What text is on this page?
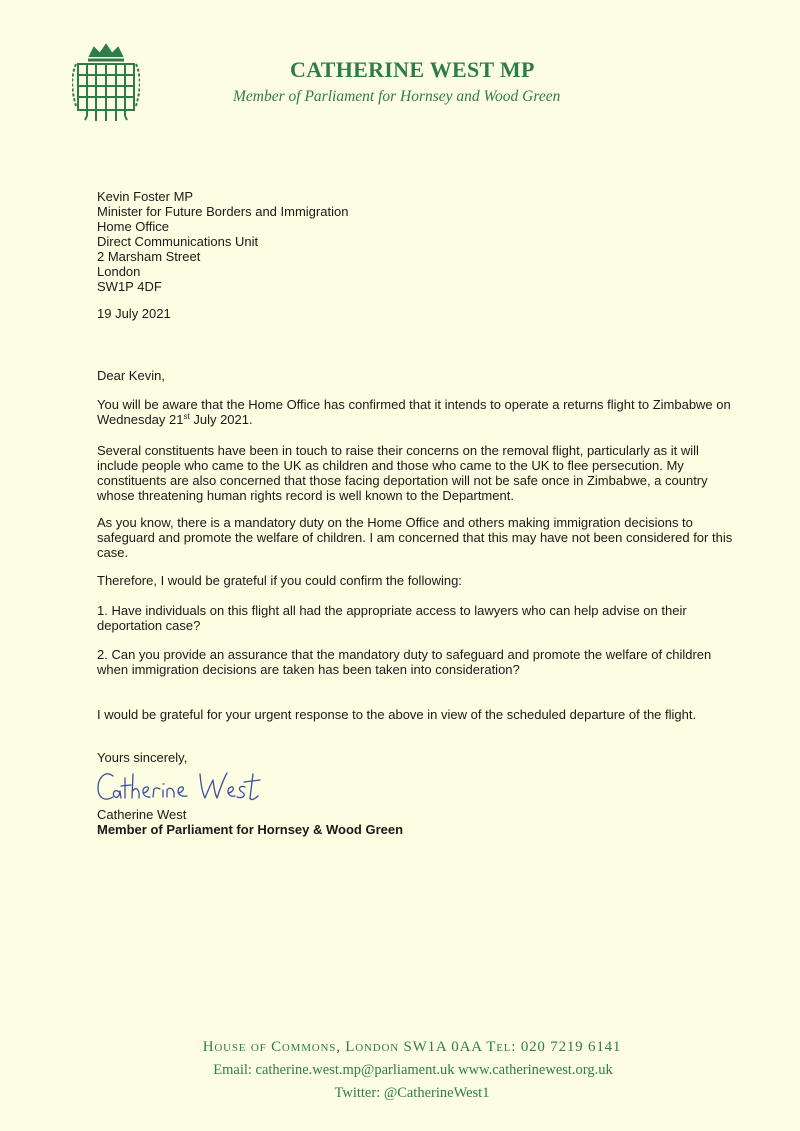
CATHERINE WEST MP
Member of Parliament for Hornsey and Wood Green
Kevin Foster MP
Minister for Future Borders and Immigration
Home Office
Direct Communications Unit
2 Marsham Street
London
SW1P 4DF
19 July 2021
Dear Kevin,
You will be aware that the Home Office has confirmed that it intends to operate a returns flight to Zimbabwe on Wednesday 21st July 2021.
Several constituents have been in touch to raise their concerns on the removal flight, particularly as it will include people who came to the UK as children and those who came to the UK to flee persecution. My constituents are also concerned that those facing deportation will not be safe once in Zimbabwe, a country whose threatening human rights record is well known to the Department.
As you know, there is a mandatory duty on the Home Office and others making immigration decisions to safeguard and promote the welfare of children. I am concerned that this may have not been considered for this case.
Therefore, I would be grateful if you could confirm the following:
1. Have individuals on this flight all had the appropriate access to lawyers who can help advise on their deportation case?
2. Can you provide an assurance that the mandatory duty to safeguard and promote the welfare of children when immigration decisions are taken has been taken into consideration?
I would be grateful for your urgent response to the above in view of the scheduled departure of the flight.
Yours sincerely,
Catherine West
Member of Parliament for Hornsey & Wood Green
House of Commons, London SW1A 0AA Tel: 020 7219 6141
Email: catherine.west.mp@parliament.uk www.catherinewest.org.uk
Twitter: @CatherineWest1
